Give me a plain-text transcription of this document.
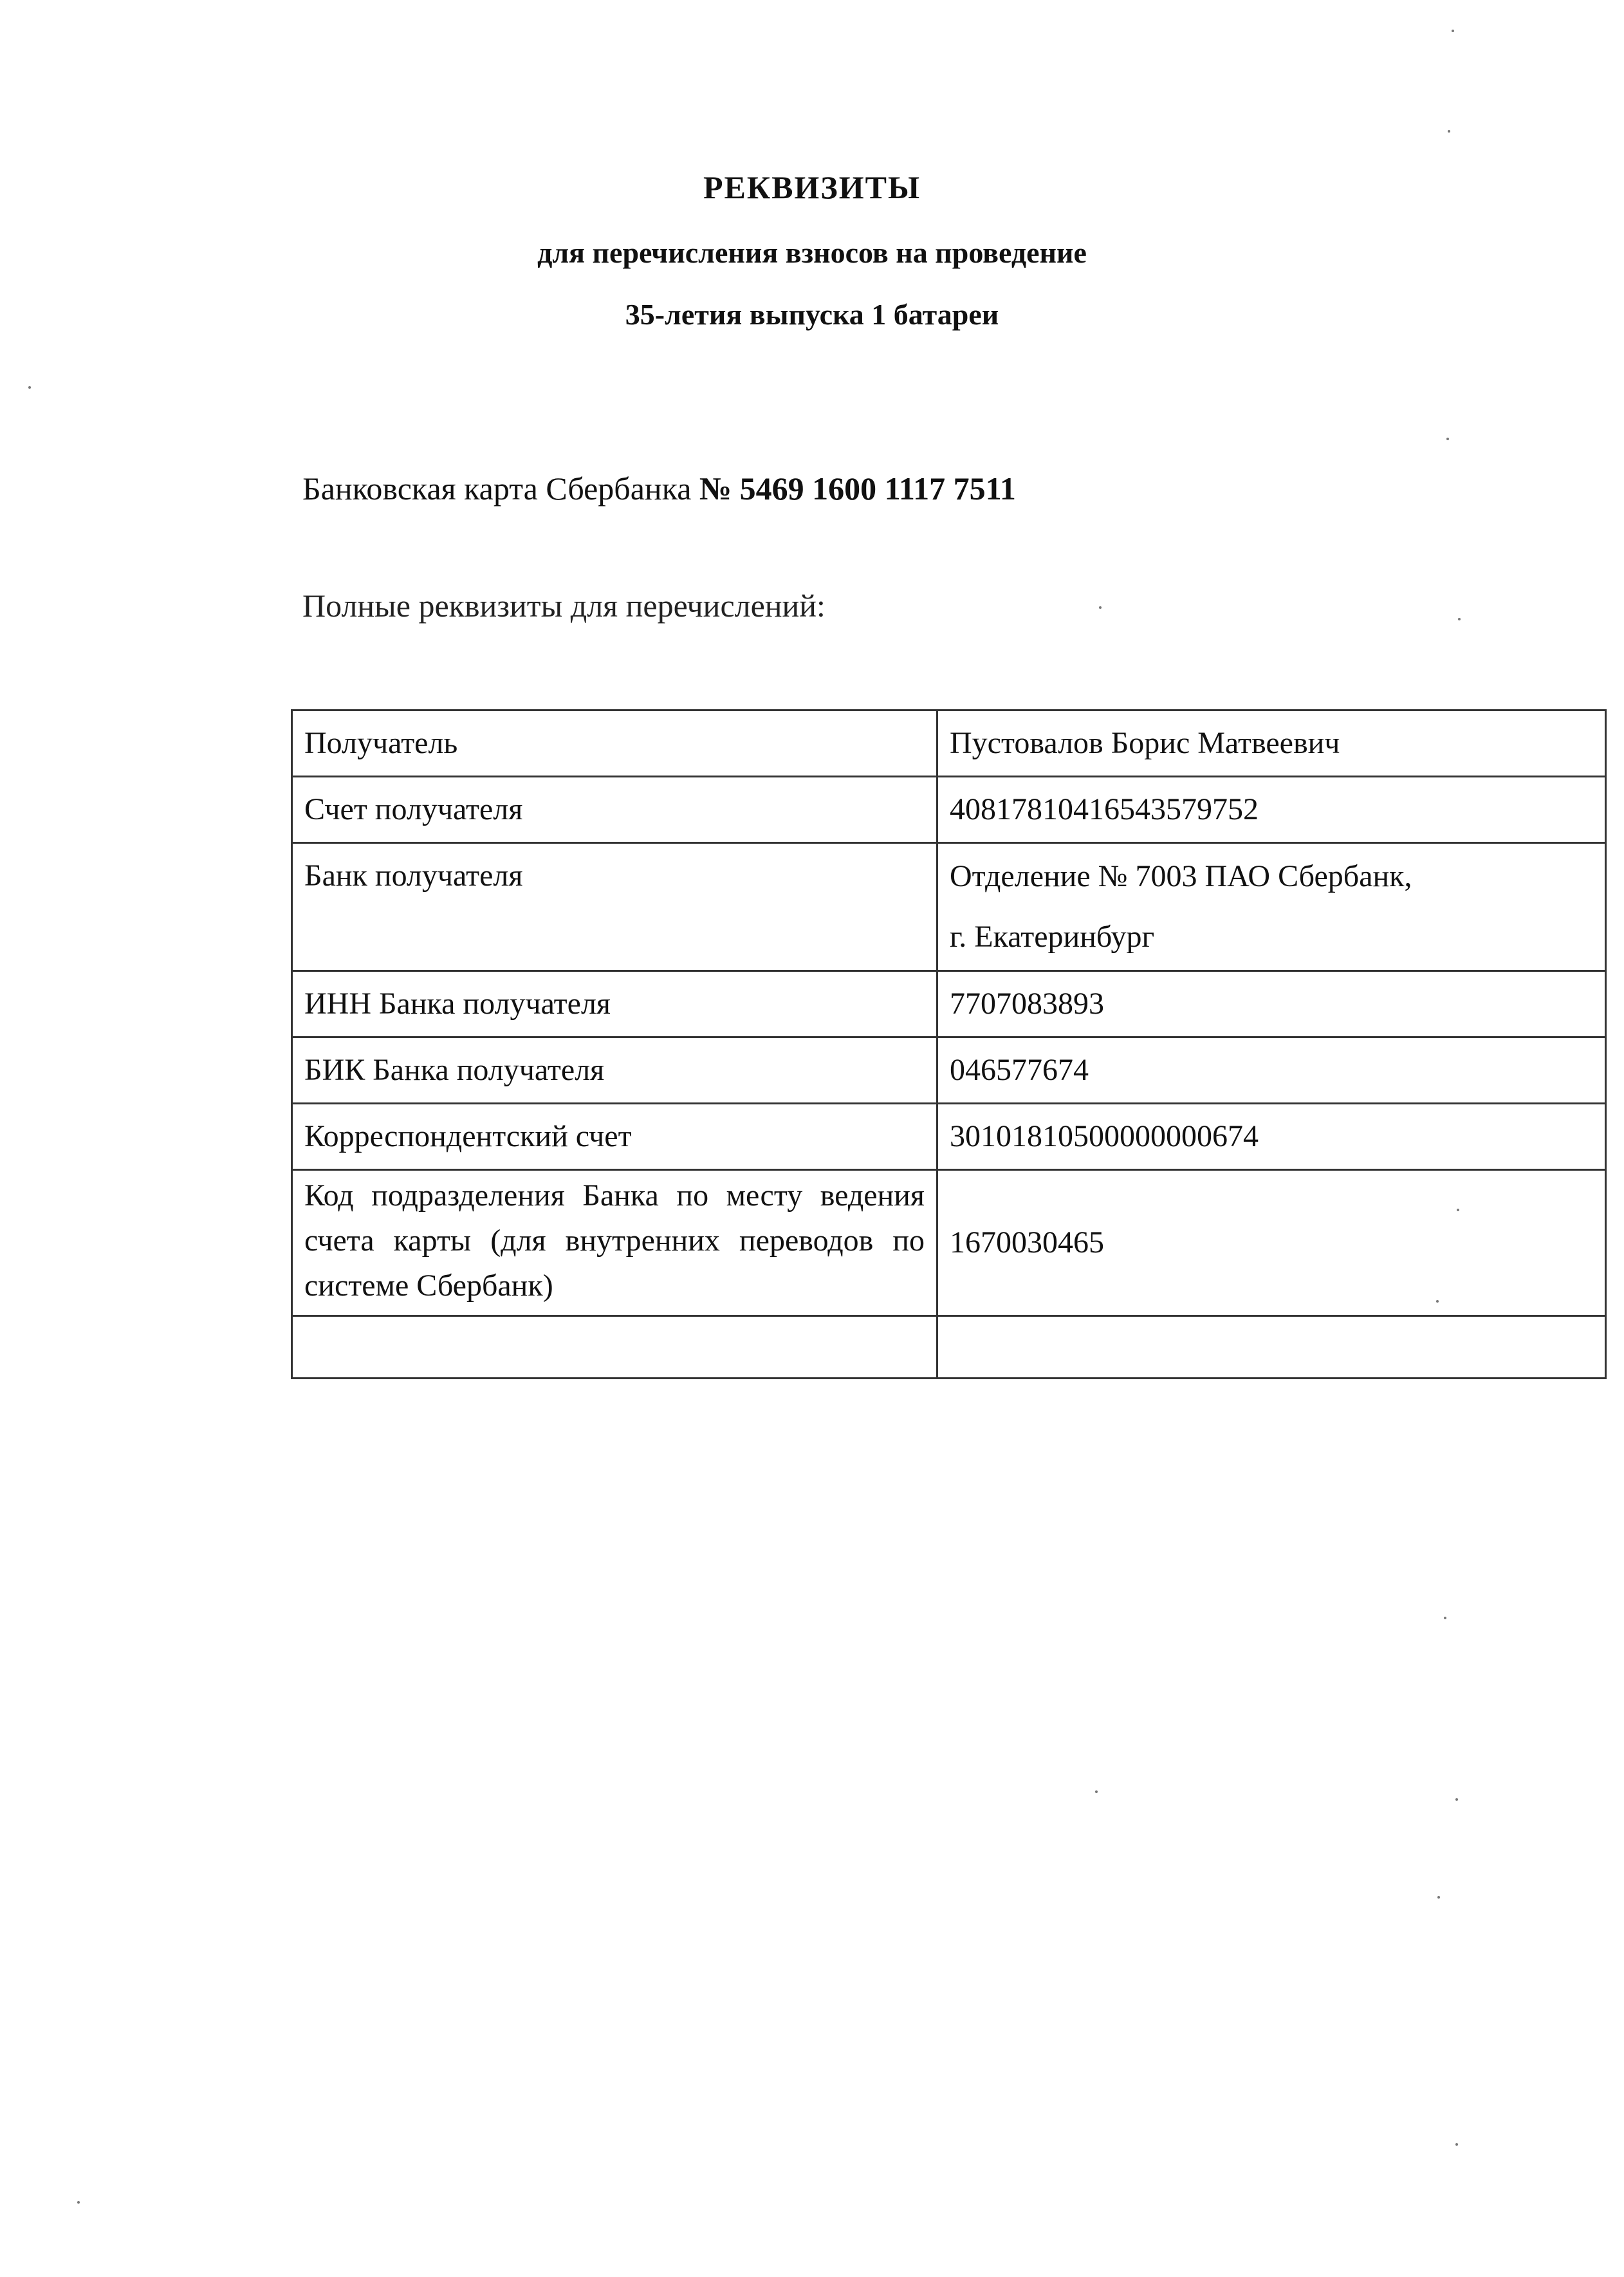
РЕКВИЗИТЫ
для перечисления взносов на проведение
35-летия выпуска 1 батареи
Банковская карта Сбербанка № 5469 1600 1117 7511
Полные реквизиты для перечислений:
Получатель	Пустовалов Борис Матвеевич
Счет получателя	40817810416543579752
Банк получателя	Отделение № 7003 ПАО Сбербанк,
г. Екатеринбург

ИНН Банка получателя	7707083893
БИК Банка получателя	046577674
Корреспондентский счет	30101810500000000674
Код подразделения Банка по месту ведения счета карты (для внутренних переводов по системе Сбербанк)	1670030465
